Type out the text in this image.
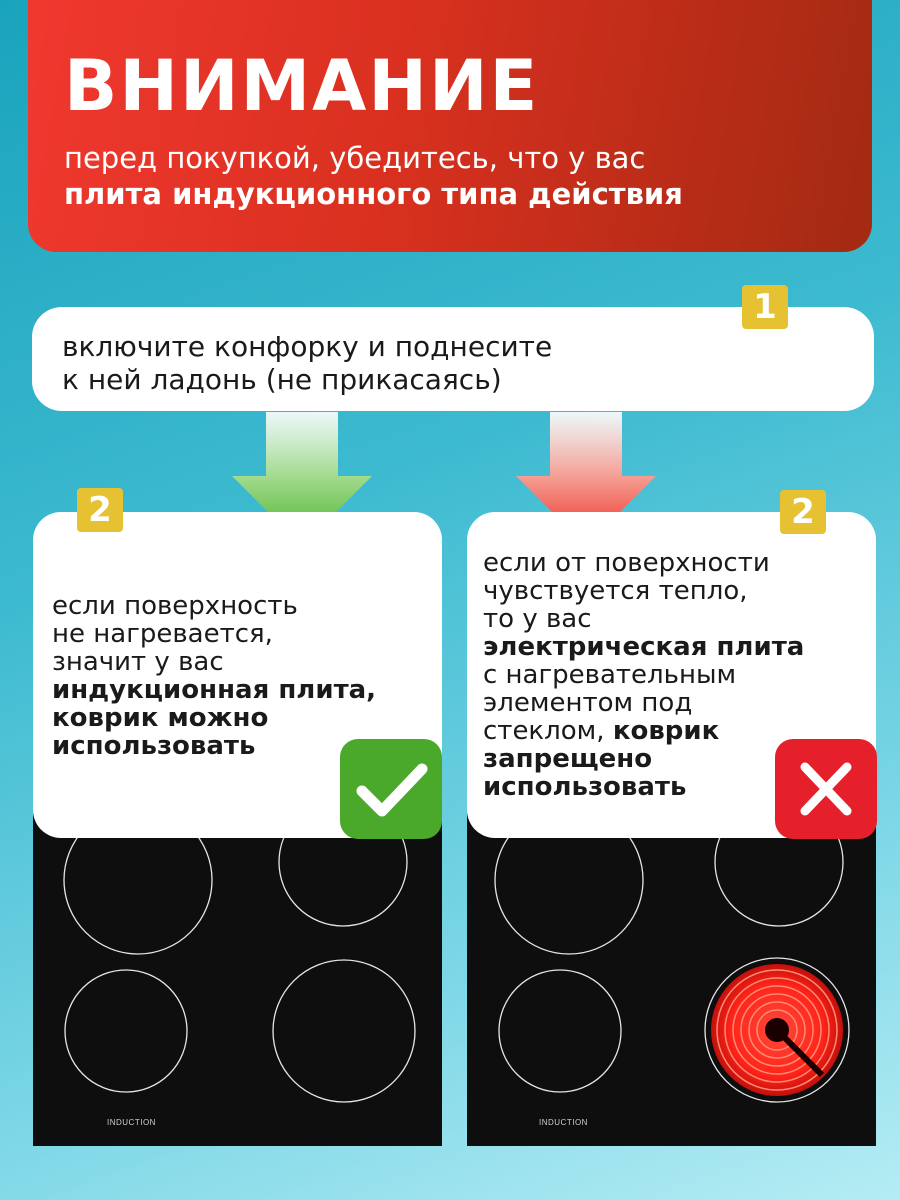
ВНИМАНИЕ
перед покупкой, убедитесь, что у вас
плита индукционного типа действия
включите конфорку и поднесите
к ней ладонь (не прикасаясь)
1
INDUCTION	INDUCTION
2
если поверхность
не нагревается,
значит у вас
индукционная плита,
коврик можно
использовать
2
если от поверхности
чувствуется тепло,
то у вас
электрическая плита
с нагревательным
элементом под
стеклом, коврик
запрещено
использовать
